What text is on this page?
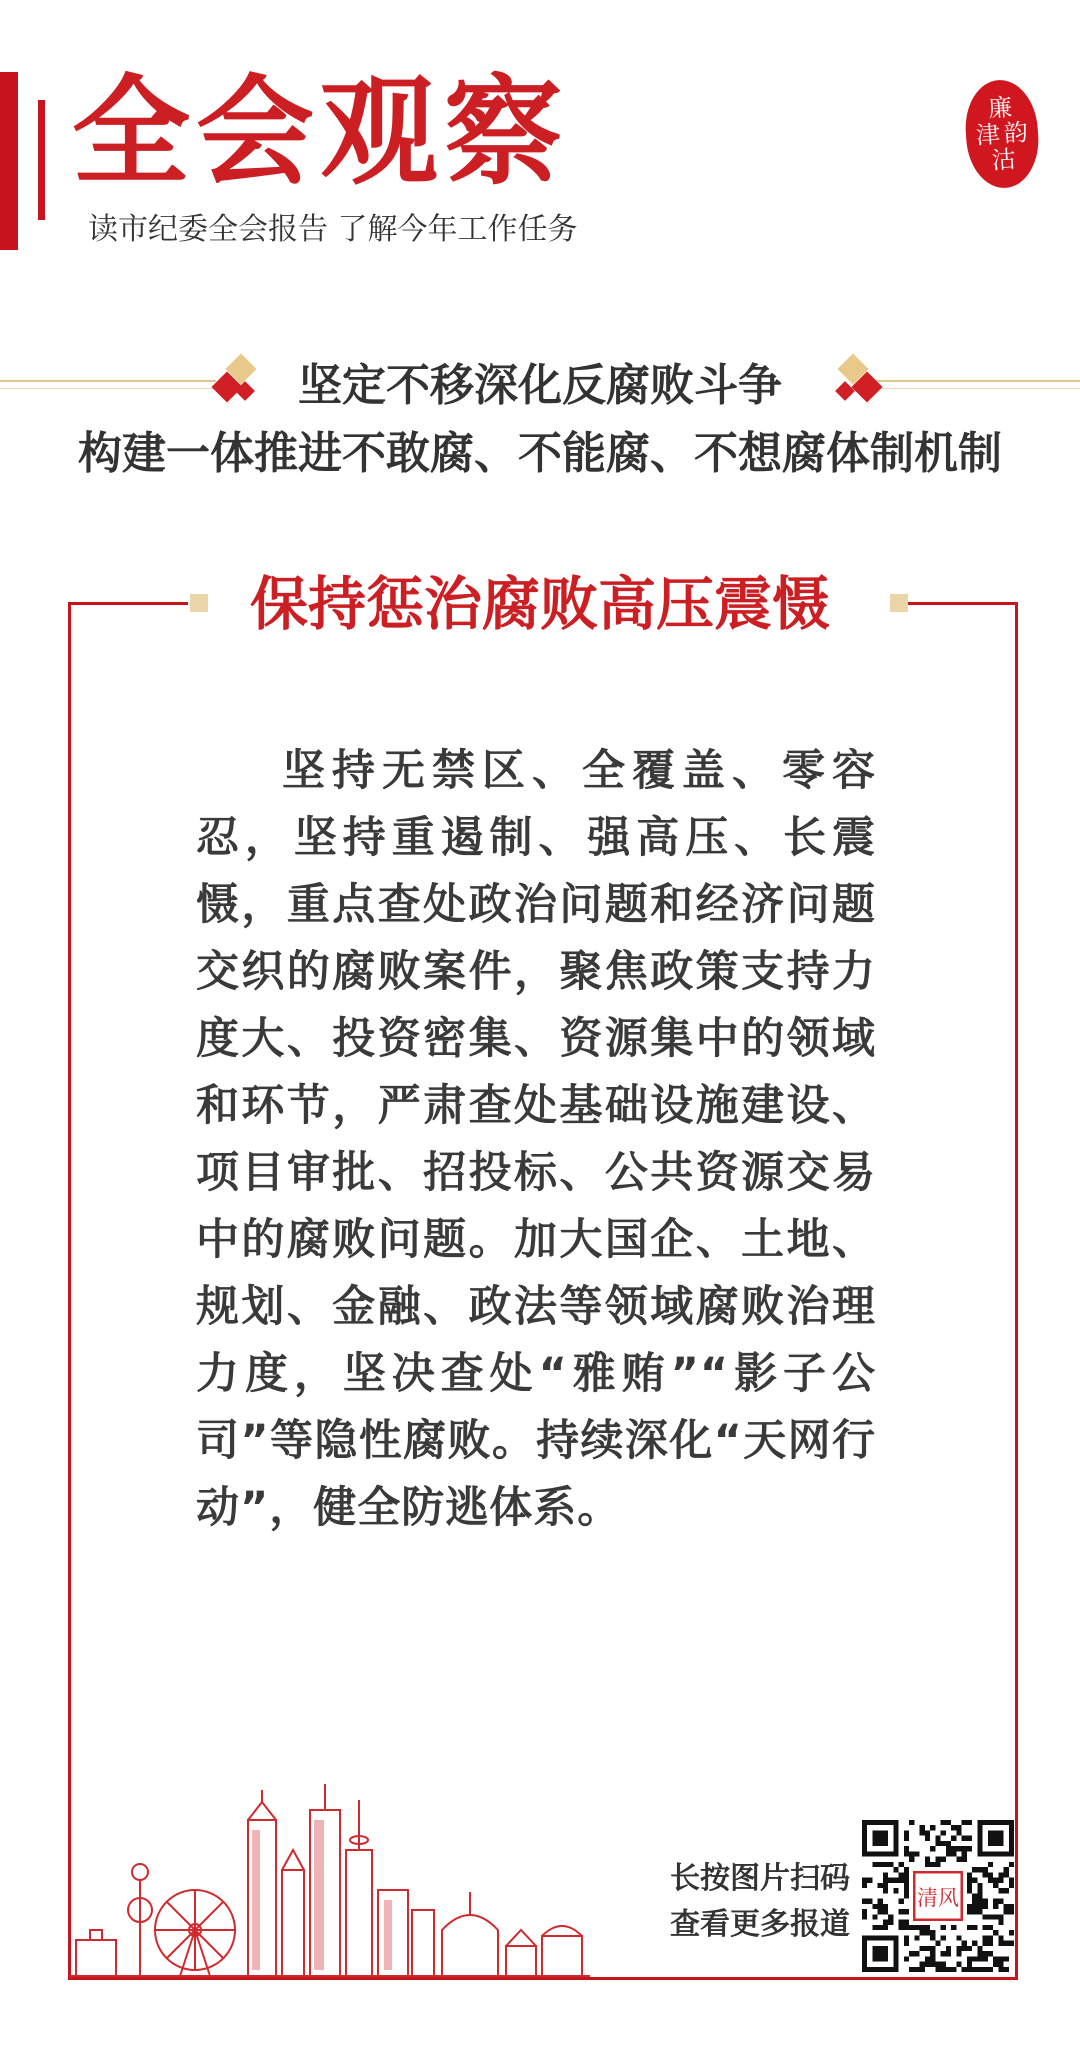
全会观察
读市纪委全会报告 了解今年工作任务
廉
津 韵
沽
坚定不移深化反腐败斗争
构建一体推进不敢腐、不能腐、不想腐体制机制
保持惩治腐败高压震慑
坚持无禁区、全覆盖、零容忍，坚持重遏制、强高压、长震慑，重点查处政治问题和经济问题交织的腐败案件，聚焦政策支持力度大、投资密集、资源集中的领域和环节，严肃查处基础设施建设、项目审批、招投标、公共资源交易中的腐败问题。加大国企、土地、规划、金融、政法等领域腐败治理力度，坚决查处“雅贿”“影子公司”等隐性腐败。持续深化“天网行动”，健全防逃体系。
长按图片扫码
查看更多报道
清风
